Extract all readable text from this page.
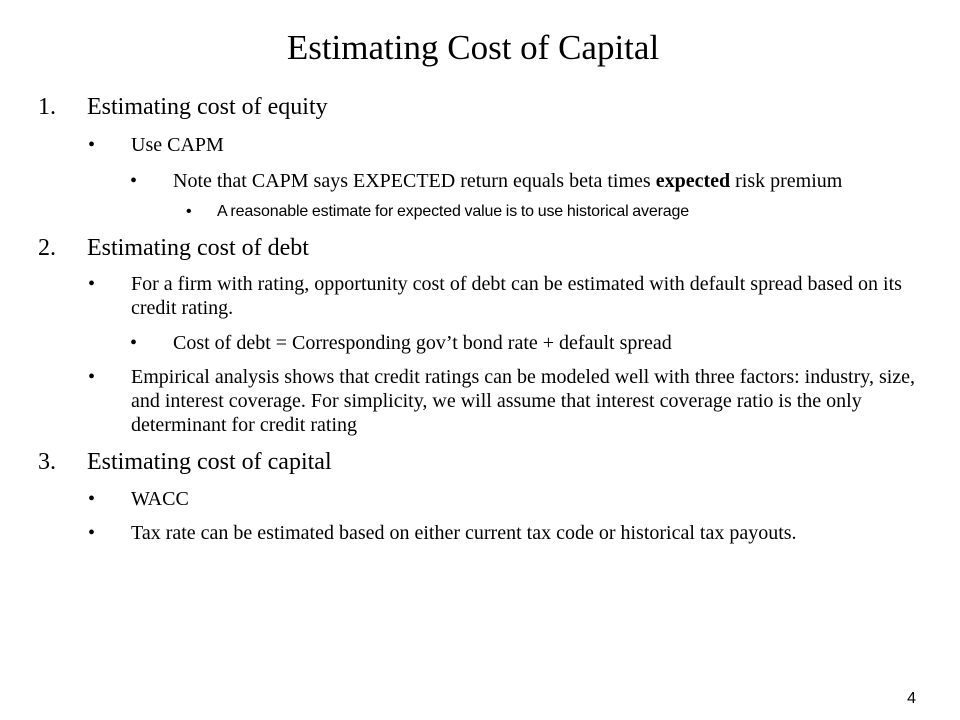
Estimating Cost of Capital
1. Estimating cost of equity
• Use CAPM
• Note that CAPM says EXPECTED return equals beta times expected risk premium
• A reasonable estimate for expected value is to use historical average
2. Estimating cost of debt
• For a firm with rating, opportunity cost of debt can be estimated with default spread based on its credit rating.
• Cost of debt = Corresponding gov’t bond rate + default spread
• Empirical analysis shows that credit ratings can be modeled well with three factors: industry, size, and interest coverage. For simplicity, we will assume that interest coverage ratio is the only determinant for credit rating
3. Estimating cost of capital
• WACC
• Tax rate can be estimated based on either current tax code or historical tax payouts.
4
